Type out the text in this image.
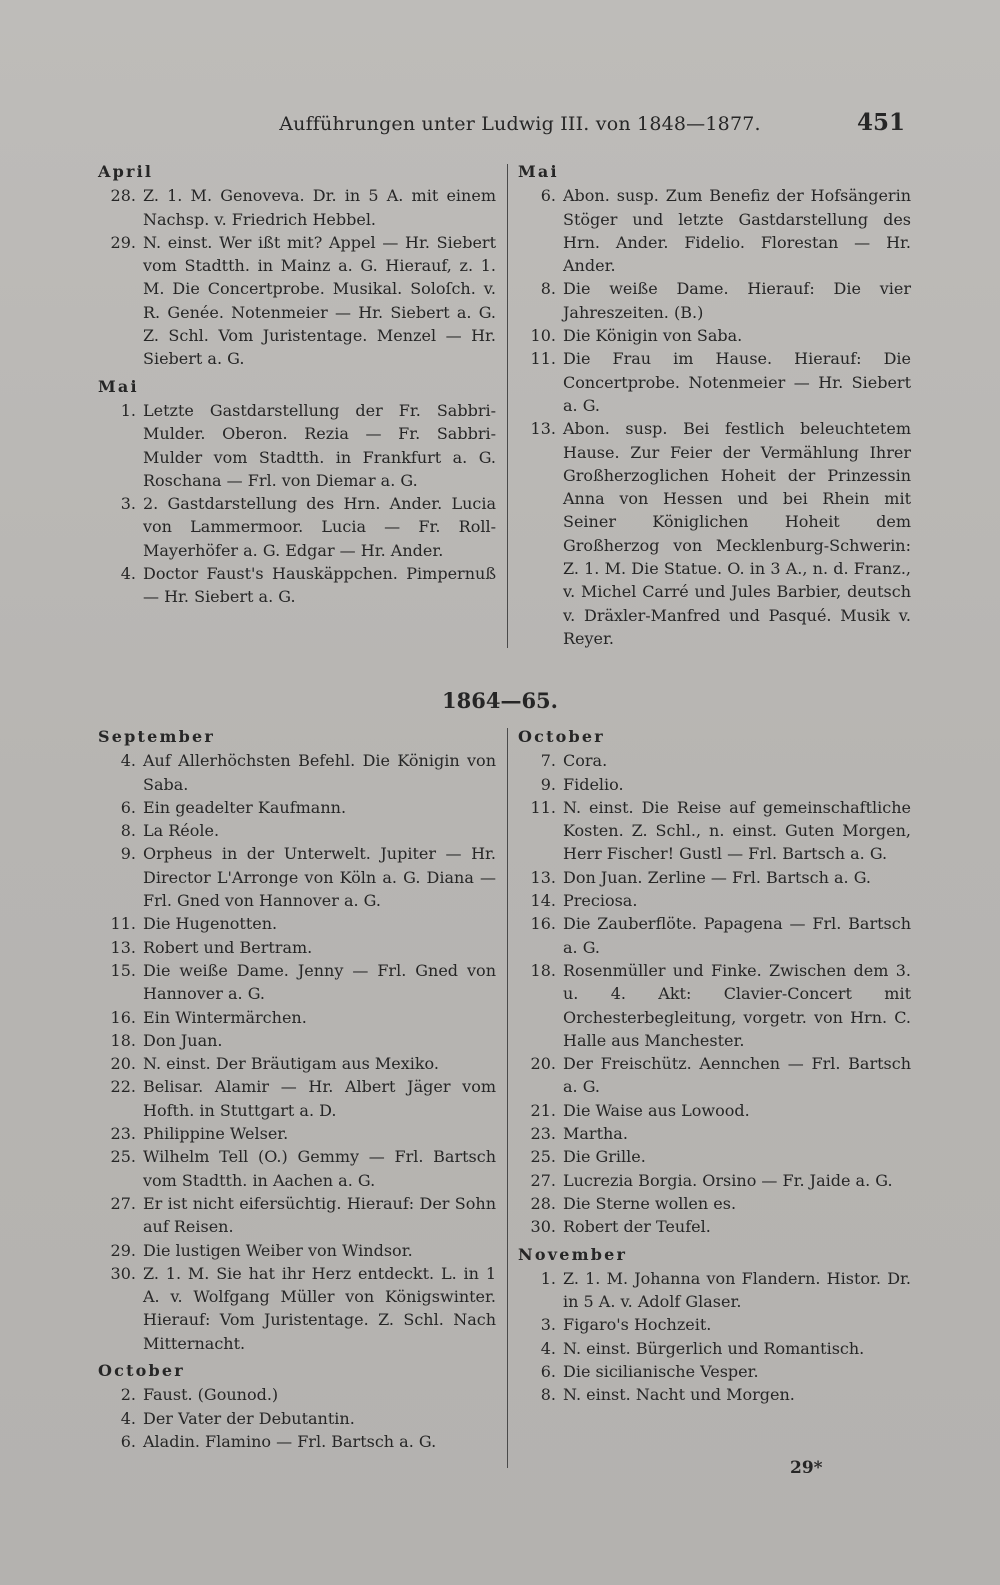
Aufführungen unter Ludwig III. von 1848—1877.	451
April
28. Z. 1. M. Genoveva. Dr. in 5 A. mit einem Nachsp. v. Friedrich Hebbel.
29. N. einst. Wer ißt mit? Appel — Hr. Siebert vom Stadtth. in Mainz a. G. Hierauf, z. 1. M. Die Concertprobe. Musikal. Soloſch. v. R. Genée. Notenmeier — Hr. Siebert a. G. Z. Schl. Vom Juristentage. Menzel — Hr. Siebert a. G.
Mai
1. Letzte Gastdarstellung der Fr. Sabbri-Mulder. Oberon. Rezia — Fr. Sabbri-Mulder vom Stadtth. in Frankfurt a. G. Roschana — Frl. von Diemar a. G.
3. 2. Gastdarstellung des Hrn. Ander. Lucia von Lammermoor. Lucia — Fr. Roll-Mayerhöfer a. G. Edgar — Hr. Ander.
4. Doctor Faust's Hauskäppchen. Pimpernuß — Hr. Siebert a. G.
Mai
6. Abon. susp. Zum Benefiz der Hofsängerin Stöger und letzte Gastdarstellung des Hrn. Ander. Fidelio. Florestan — Hr. Ander.
8. Die weiße Dame. Hierauf: Die vier Jahreszeiten. (B.)
10. Die Königin von Saba.
11. Die Frau im Hause. Hierauf: Die Concertprobe. Notenmeier — Hr. Siebert a. G.
13. Abon. susp. Bei festlich beleuchtetem Hause. Zur Feier der Vermählung Ihrer Großherzoglichen Hoheit der Prinzessin Anna von Hessen und bei Rhein mit Seiner Königlichen Hoheit dem Großherzog von Mecklenburg-Schwerin: Z. 1. M. Die Statue. O. in 3 A., n. d. Franz., v. Michel Carré und Jules Barbier, deutsch v. Dräxler-Manfred und Pasqué. Musik v. Reyer.
1864—65.
September
4. Auf Allerhöchsten Befehl. Die Königin von Saba.
6. Ein geadelter Kaufmann.
8. La Réole.
9. Orpheus in der Unterwelt. Jupiter — Hr. Director L'Arronge von Köln a. G. Diana — Frl. Gned von Hannover a. G.
11. Die Hugenotten.
13. Robert und Bertram.
15. Die weiße Dame. Jenny — Frl. Gned von Hannover a. G.
16. Ein Wintermärchen.
18. Don Juan.
20. N. einst. Der Bräutigam aus Mexiko.
22. Belisar. Alamir — Hr. Albert Jäger vom Hofth. in Stuttgart a. D.
23. Philippine Welser.
25. Wilhelm Tell (O.) Gemmy — Frl. Bartsch vom Stadtth. in Aachen a. G.
27. Er ist nicht eifersüchtig. Hierauf: Der Sohn auf Reisen.
29. Die lustigen Weiber von Windsor.
30. Z. 1. M. Sie hat ihr Herz entdeckt. L. in 1 A. v. Wolfgang Müller von Königswinter. Hierauf: Vom Juristentage. Z. Schl. Nach Mitternacht.
October
2. Faust. (Gounod.)
4. Der Vater der Debutantin.
6. Aladin. Flamino — Frl. Bartsch a. G.
October
7. Cora.
9. Fidelio.
11. N. einst. Die Reise auf gemeinschaftliche Kosten. Z. Schl., n. einst. Guten Morgen, Herr Fischer! Gustl — Frl. Bartsch a. G.
13. Don Juan. Zerline — Frl. Bartsch a. G.
14. Preciosa.
16. Die Zauberflöte. Papagena — Frl. Bartsch a. G.
18. Rosenmüller und Finke. Zwischen dem 3. u. 4. Akt: Clavier-Concert mit Orchesterbegleitung, vorgetr. von Hrn. C. Halle aus Manchester.
20. Der Freischütz. Aennchen — Frl. Bartsch a. G.
21. Die Waise aus Lowood.
23. Martha.
25. Die Grille.
27. Lucrezia Borgia. Orsino — Fr. Jaide a. G.
28. Die Sterne wollen es.
30. Robert der Teufel.
November
1. Z. 1. M. Johanna von Flandern. Histor. Dr. in 5 A. v. Adolf Glaser.
3. Figaro's Hochzeit.
4. N. einst. Bürgerlich und Romantisch.
6. Die sicilianische Vesper.
8. N. einst. Nacht und Morgen.
29*
